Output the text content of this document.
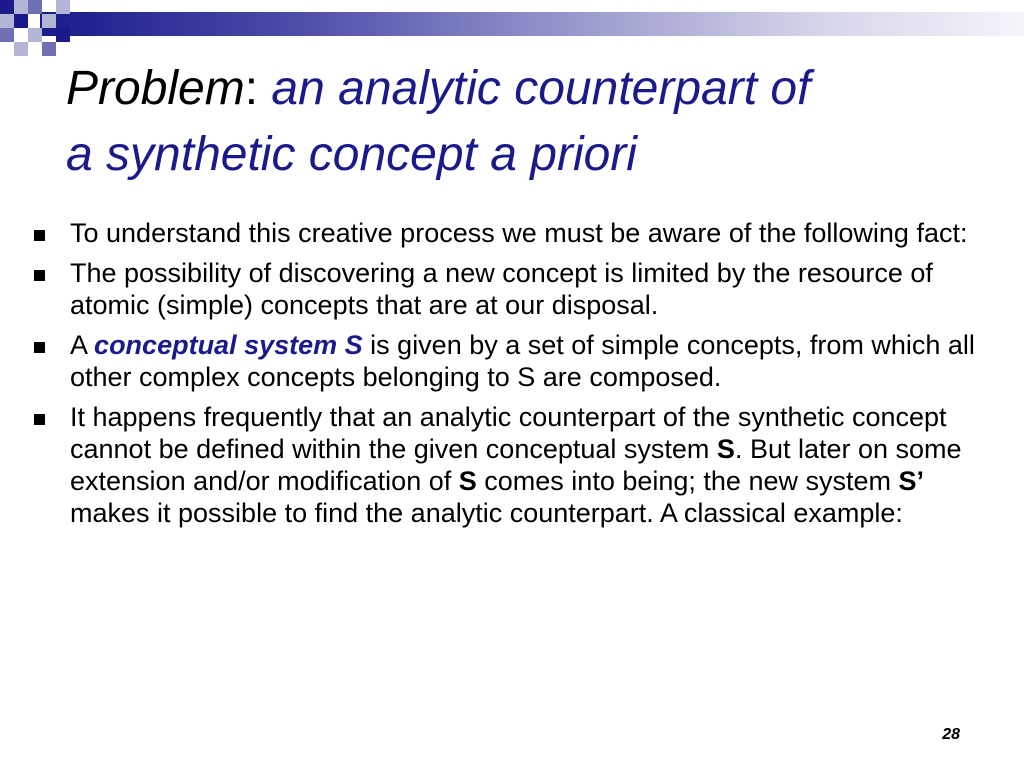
Problem: an analytic counterpart of
a synthetic concept a priori
To understand this creative process we must be aware of the following fact:
The possibility of discovering a new concept is limited by the resource of atomic (simple) concepts that are at our disposal.
A conceptual system S is given by a set of simple concepts, from which all other complex concepts belonging to S are composed.
It happens frequently that an analytic counterpart of the synthetic concept cannot be defined within the given conceptual system S. But later on some extension and/or modification of S comes into being; the new system S’ makes it possible to find the analytic counterpart. A classical example:
28
